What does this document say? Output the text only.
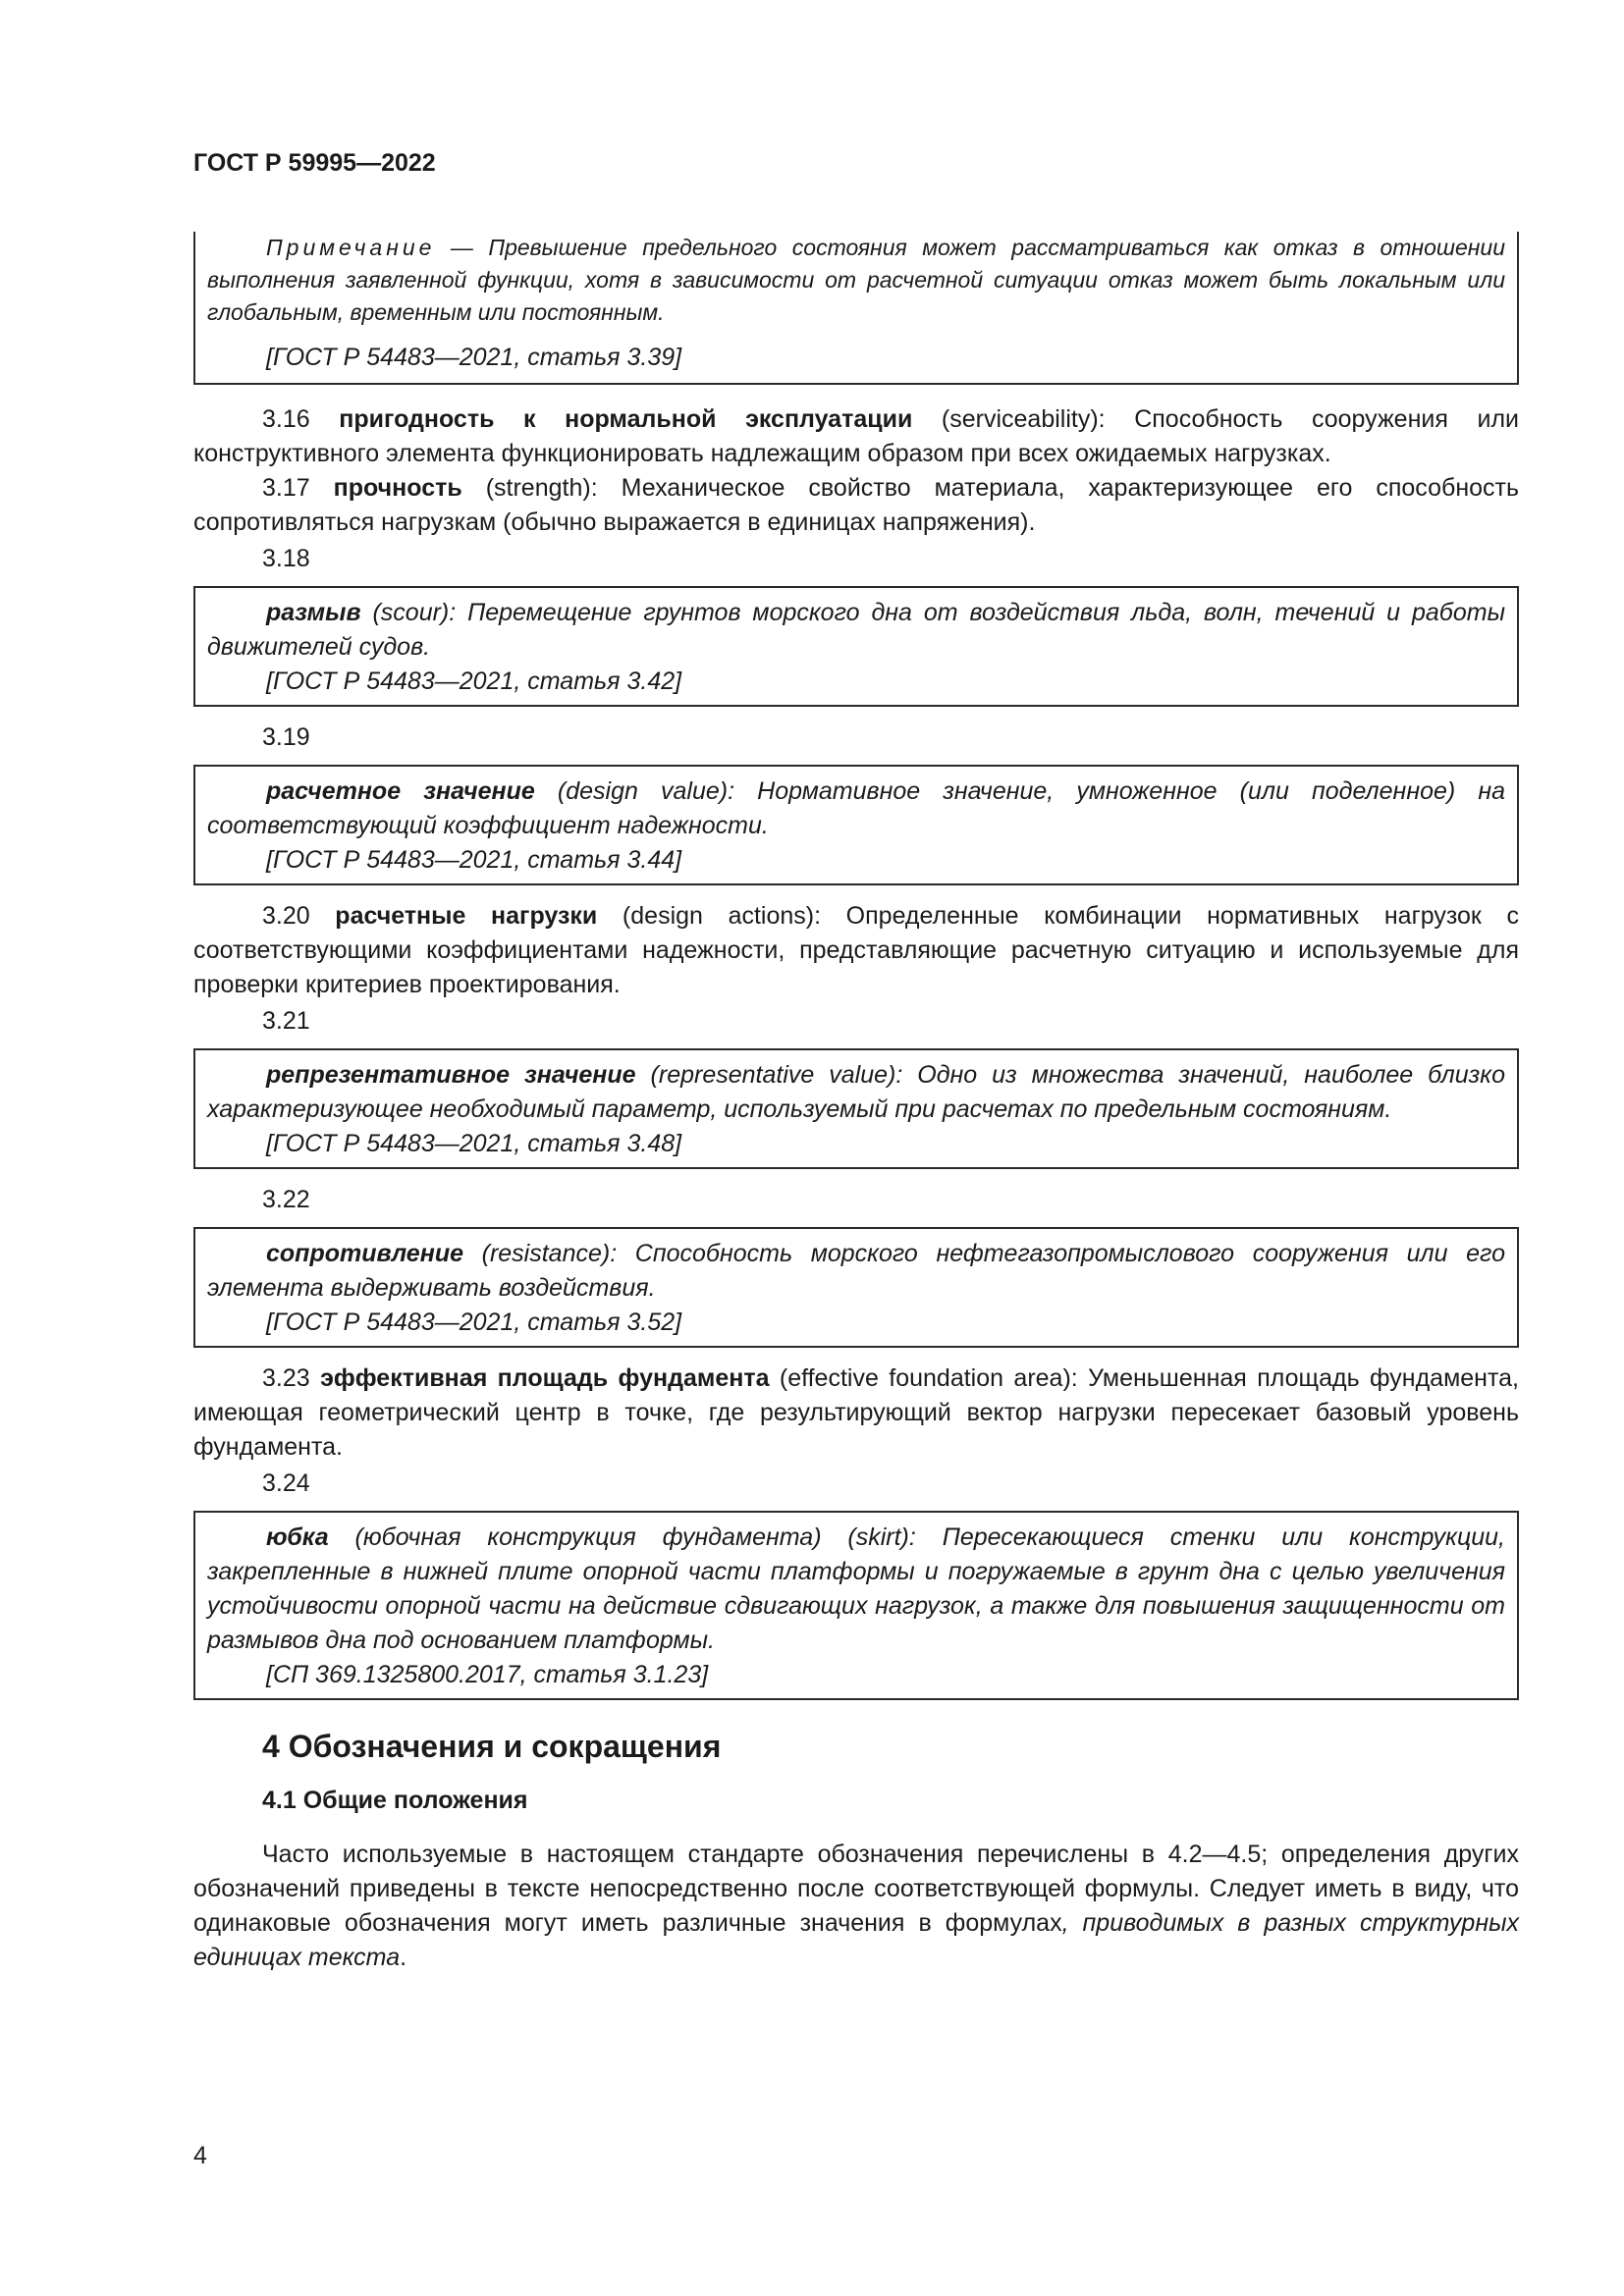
ГОСТ Р 59995—2022

Примечание — Превышение предельного состояния может рассматриваться как отказ в отношении выполнения заявленной функции, хотя в зависимости от расчетной ситуации отказ может быть локальным или глобальным, временным или постоянным.

[ГОСТ Р 54483—2021, статья 3.39]

3.16 пригодность к нормальной эксплуатации (serviceability): Способность сооружения или конструктивного элемента функционировать надлежащим образом при всех ожидаемых нагрузках.

3.17 прочность (strength): Механическое свойство материала, характеризующее его способность сопротивляться нагрузкам (обычно выражается в единицах напряжения).

3.18

размыв (scour): Перемещение грунтов морского дна от воздействия льда, волн, течений и работы движителей судов.

[ГОСТ Р 54483—2021, статья 3.42]

3.19

расчетное значение (design value): Нормативное значение, умноженное (или поделенное) на соответствующий коэффициент надежности.

[ГОСТ Р 54483—2021, статья 3.44]

3.20 расчетные нагрузки (design actions): Определенные комбинации нормативных нагрузок с соответствующими коэффициентами надежности, представляющие расчетную ситуацию и используемые для проверки критериев проектирования.

3.21

репрезентативное значение (representative value): Одно из множества значений, наиболее близко характеризующее необходимый параметр, используемый при расчетах по предельным состояниям.

[ГОСТ Р 54483—2021, статья 3.48]

3.22

сопротивление (resistance): Способность морского нефтегазопромыслового сооружения или его элемента выдерживать воздействия.

[ГОСТ Р 54483—2021, статья 3.52]

3.23 эффективная площадь фундамента (effective foundation area): Уменьшенная площадь фундамента, имеющая геометрический центр в точке, где результирующий вектор нагрузки пересекает базовый уровень фундамента.

3.24

юбка (юбочная конструкция фундамента) (skirt): Пересекающиеся стенки или конструкции, закрепленные в нижней плите опорной части платформы и погружаемые в грунт дна с целью увеличения устойчивости опорной части на действие сдвигающих нагрузок, а также для повышения защищенности от размывов дна под основанием платформы.

[СП 369.1325800.2017, статья 3.1.23]

4 Обозначения и сокращения
4.1 Общие положения

Часто используемые в настоящем стандарте обозначения перечислены в 4.2—4.5; определения других обозначений приведены в тексте непосредственно после соответствующей формулы. Следует иметь в виду, что одинаковые обозначения могут иметь различные значения в формулах, приводимых в разных структурных единицах текста.

4
